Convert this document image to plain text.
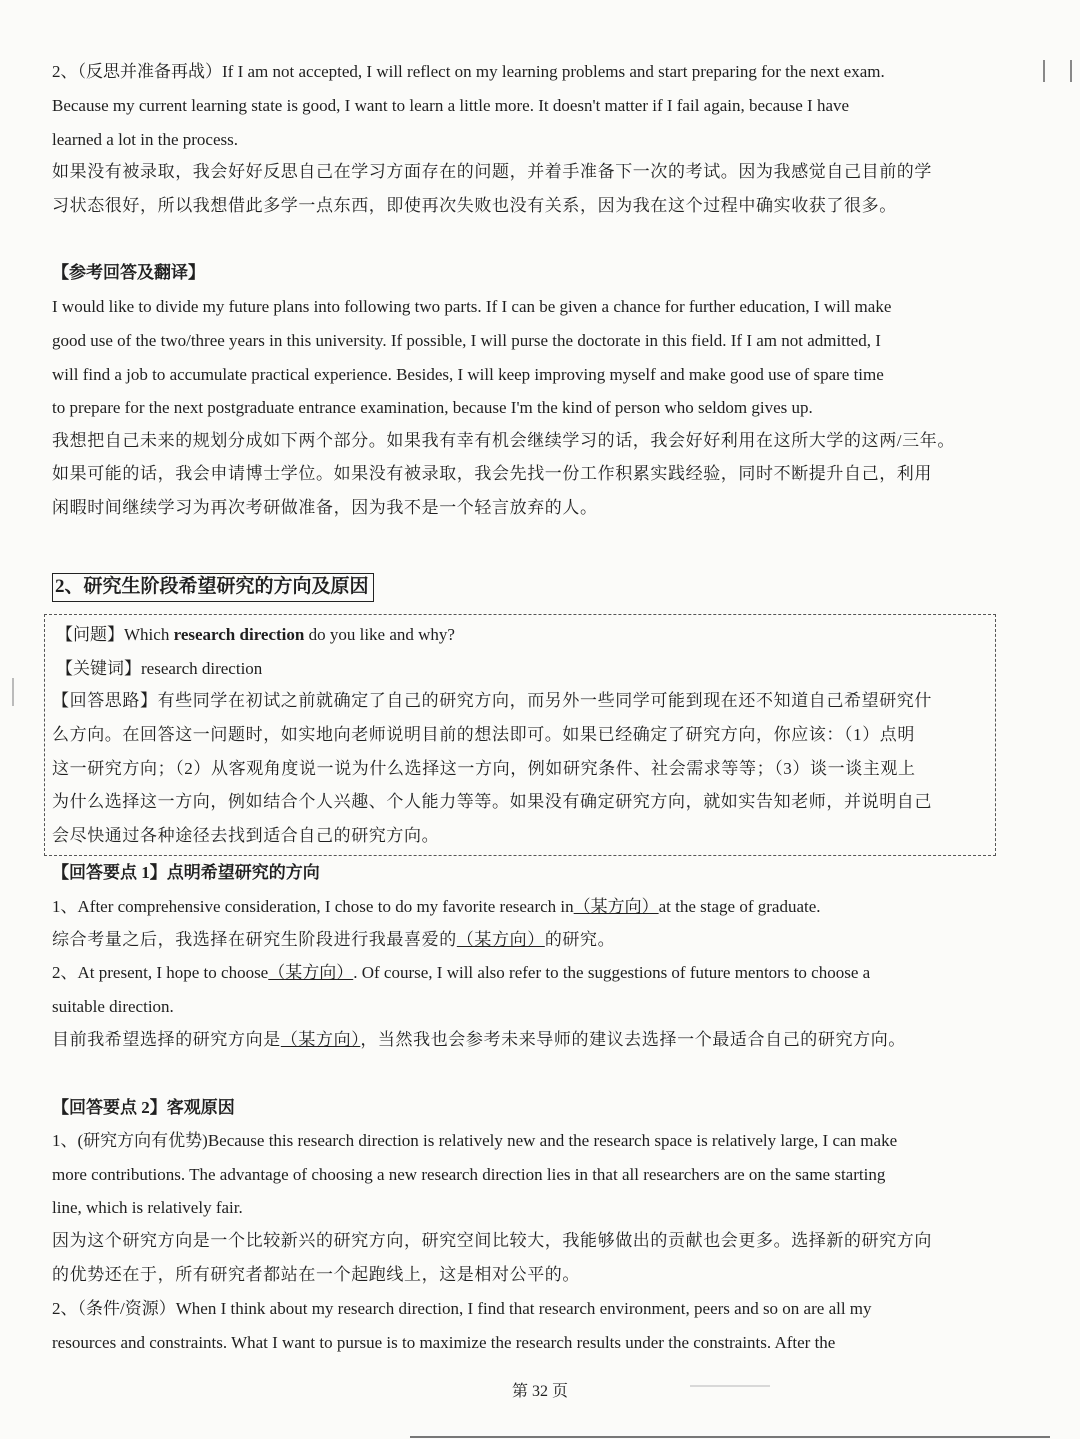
2、（反思并准备再战）If I am not accepted, I will reflect on my learning problems and start preparing for the next exam.
Because my current learning state is good, I want to learn a little more. It doesn't matter if I fail again, because I have
learned a lot in the process.
如果没有被录取，我会好好反思自己在学习方面存在的问题，并着手准备下一次的考试。因为我感觉自己目前的学
习状态很好，所以我想借此多学一点东西，即使再次失败也没有关系，因为我在这个过程中确实收获了很多。
【参考回答及翻译】
I would like to divide my future plans into following two parts. If I can be given a chance for further education, I will make
good use of the two/three years in this university. If possible, I will purse the doctorate in this field. If I am not admitted, I
will find a job to accumulate practical experience. Besides, I will keep improving myself and make good use of spare time
to prepare for the next postgraduate entrance examination, because I'm the kind of person who seldom gives up.
我想把自己未来的规划分成如下两个部分。如果我有幸有机会继续学习的话，我会好好利用在这所大学的这两/三年。
如果可能的话，我会申请博士学位。如果没有被录取，我会先找一份工作积累实践经验，同时不断提升自己，利用
闲暇时间继续学习为再次考研做准备，因为我不是一个轻言放弃的人。
2、研究生阶段希望研究的方向及原因
【问题】Which research direction do you like and why?
【关键词】research direction
【回答思路】有些同学在初试之前就确定了自己的研究方向，而另外一些同学可能到现在还不知道自己希望研究什
么方向。在回答这一问题时，如实地向老师说明目前的想法即可。如果已经确定了研究方向，你应该：（1）点明
这一研究方向；（2）从客观角度说一说为什么选择这一方向，例如研究条件、社会需求等等；（3）谈一谈主观上
为什么选择这一方向，例如结合个人兴趣、个人能力等等。如果没有确定研究方向，就如实告知老师，并说明自己
会尽快通过各种途径去找到适合自己的研究方向。
【回答要点 1】点明希望研究的方向
1、After comprehensive consideration, I chose to do my favorite research in（某方向）at the stage of graduate.
综合考量之后，我选择在研究生阶段进行我最喜爱的（某方向）的研究。
2、At present, I hope to choose（某方向）. Of course, I will also refer to the suggestions of future mentors to choose a
suitable direction.
目前我希望选择的研究方向是（某方向），当然我也会参考未来导师的建议去选择一个最适合自己的研究方向。
【回答要点 2】客观原因
1、(研究方向有优势)Because this research direction is relatively new and the research space is relatively large, I can make
more contributions. The advantage of choosing a new research direction lies in that all researchers are on the same starting
line, which is relatively fair.
因为这个研究方向是一个比较新兴的研究方向，研究空间比较大，我能够做出的贡献也会更多。选择新的研究方向
的优势还在于，所有研究者都站在一个起跑线上，这是相对公平的。
2、（条件/资源）When I think about my research direction, I find that research environment, peers and so on are all my
resources and constraints. What I want to pursue is to maximize the research results under the constraints. After the
第 32 页
